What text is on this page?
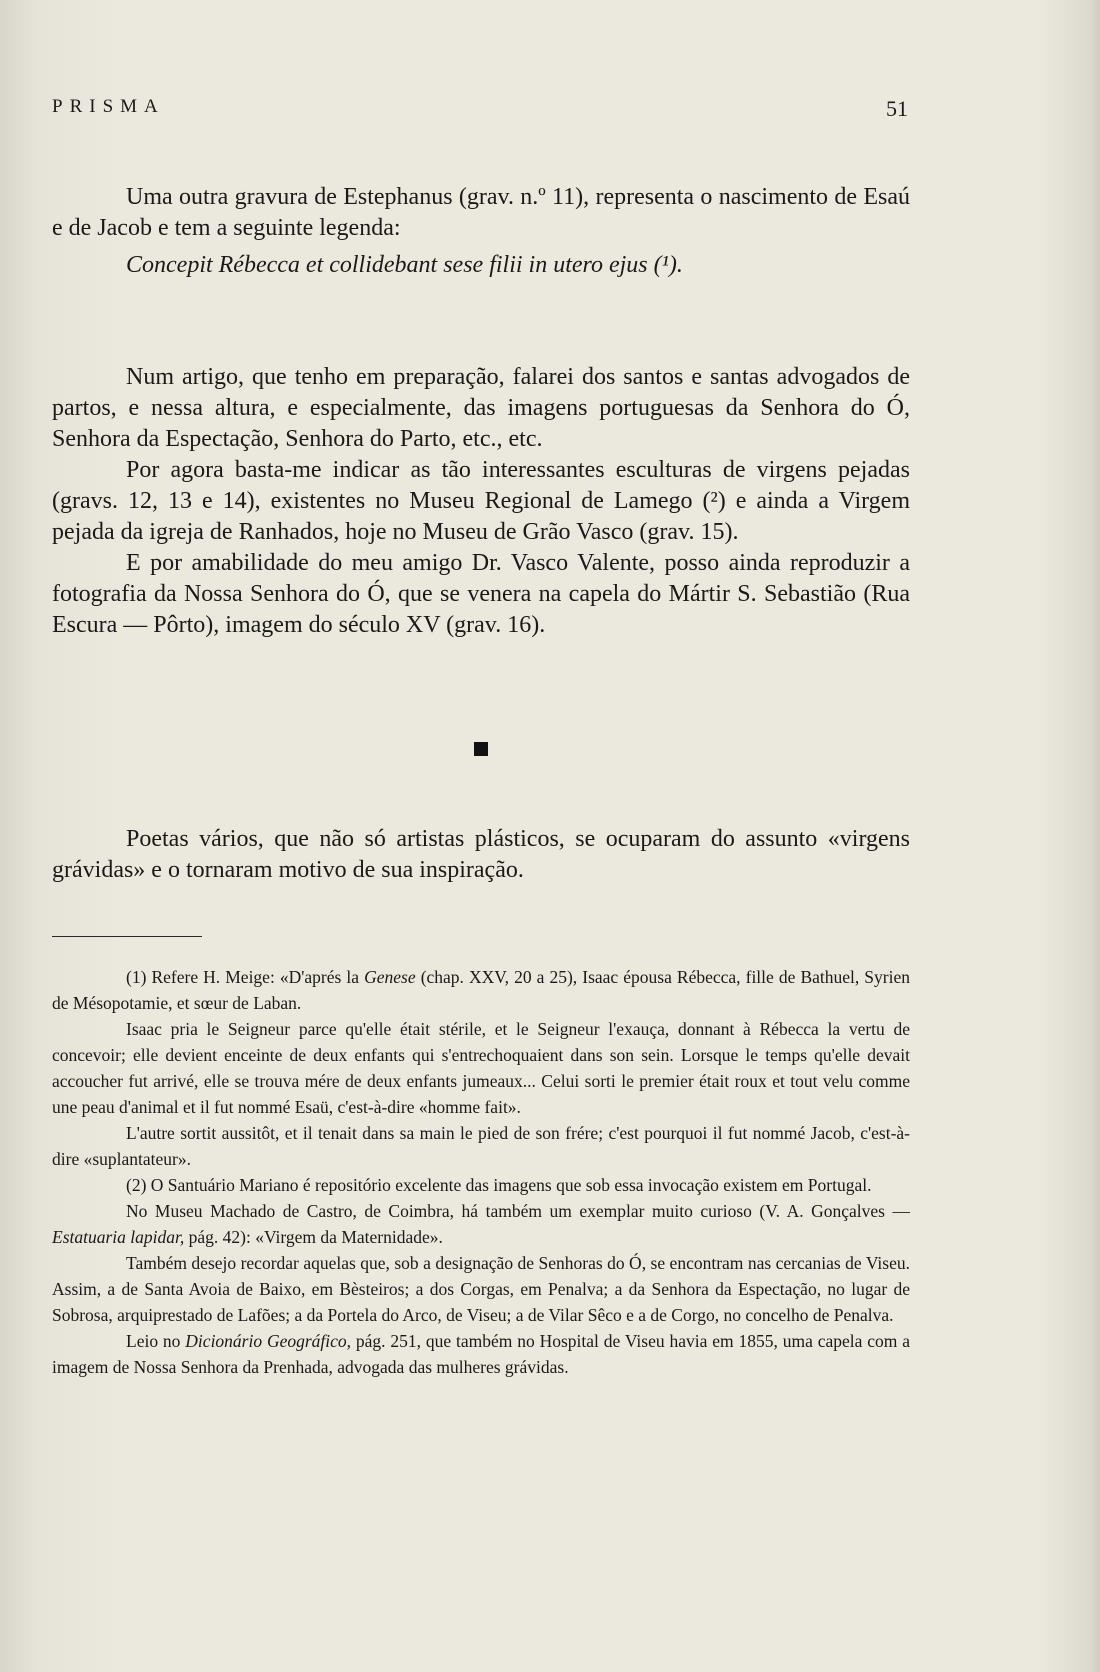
PRISMA	51

Uma outra gravura de Estephanus (grav. n.º 11), representa o nascimento de Esaú e de Jacob e tem a seguinte legenda:

Concepit Rébecca et collidebant sese filii in utero ejus (¹).

Num artigo, que tenho em preparação, falarei dos santos e santas advogados de partos, e nessa altura, e especialmente, das imagens portuguesas da Senhora do Ó, Senhora da Espectação, Senhora do Parto, etc., etc.

Por agora basta-me indicar as tão interessantes esculturas de virgens pejadas (gravs. 12, 13 e 14), existentes no Museu Regional de Lamego (²) e ainda a Virgem pejada da igreja de Ranhados, hoje no Museu de Grão Vasco (grav. 15).

E por amabilidade do meu amigo Dr. Vasco Valente, posso ainda reproduzir a fotografia da Nossa Senhora do Ó, que se venera na capela do Mártir S. Sebastião (Rua Escura — Pôrto), imagem do século XV (grav. 16).

Poetas vários, que não só artistas plásticos, se ocuparam do assunto «virgens grávidas» e o tornaram motivo de sua inspiração.

(1) Refere H. Meige: «D'aprés la Genese (chap. XXV, 20 a 25), Isaac épousa Rébecca, fille de Bathuel, Syrien de Mésopotamie, et sœur de Laban.

Isaac pria le Seigneur parce qu'elle était stérile, et le Seigneur l'exauça, donnant à Rébecca la vertu de concevoir; elle devient enceinte de deux enfants qui s'entrechoquaient dans son sein. Lorsque le temps qu'elle devait accoucher fut arrivé, elle se trouva mére de deux enfants jumeaux... Celui sorti le premier était roux et tout velu comme une peau d'animal et il fut nommé Esaü, c'est-à-dire «homme fait».

L'autre sortit aussitôt, et il tenait dans sa main le pied de son frére; c'est pourquoi il fut nommé Jacob, c'est-à-dire «suplantateur».

(2) O Santuário Mariano é repositório excelente das imagens que sob essa invocação existem em Portugal.

No Museu Machado de Castro, de Coimbra, há também um exemplar muito curioso (V. A. Gonçalves — Estatuaria lapidar, pág. 42): «Virgem da Maternidade».

Também desejo recordar aquelas que, sob a designação de Senhoras do Ó, se encontram nas cercanias de Viseu. Assim, a de Santa Avoia de Baixo, em Bèsteiros; a dos Corgas, em Penalva; a da Senhora da Espectação, no lugar de Sobrosa, arquiprestado de Lafões; a da Portela do Arco, de Viseu; a de Vilar Sêco e a de Corgo, no concelho de Penalva.

Leio no Dicionário Geográfico, pág. 251, que também no Hospital de Viseu havia em 1855, uma capela com a imagem de Nossa Senhora da Prenhada, advogada das mulheres grávidas.
